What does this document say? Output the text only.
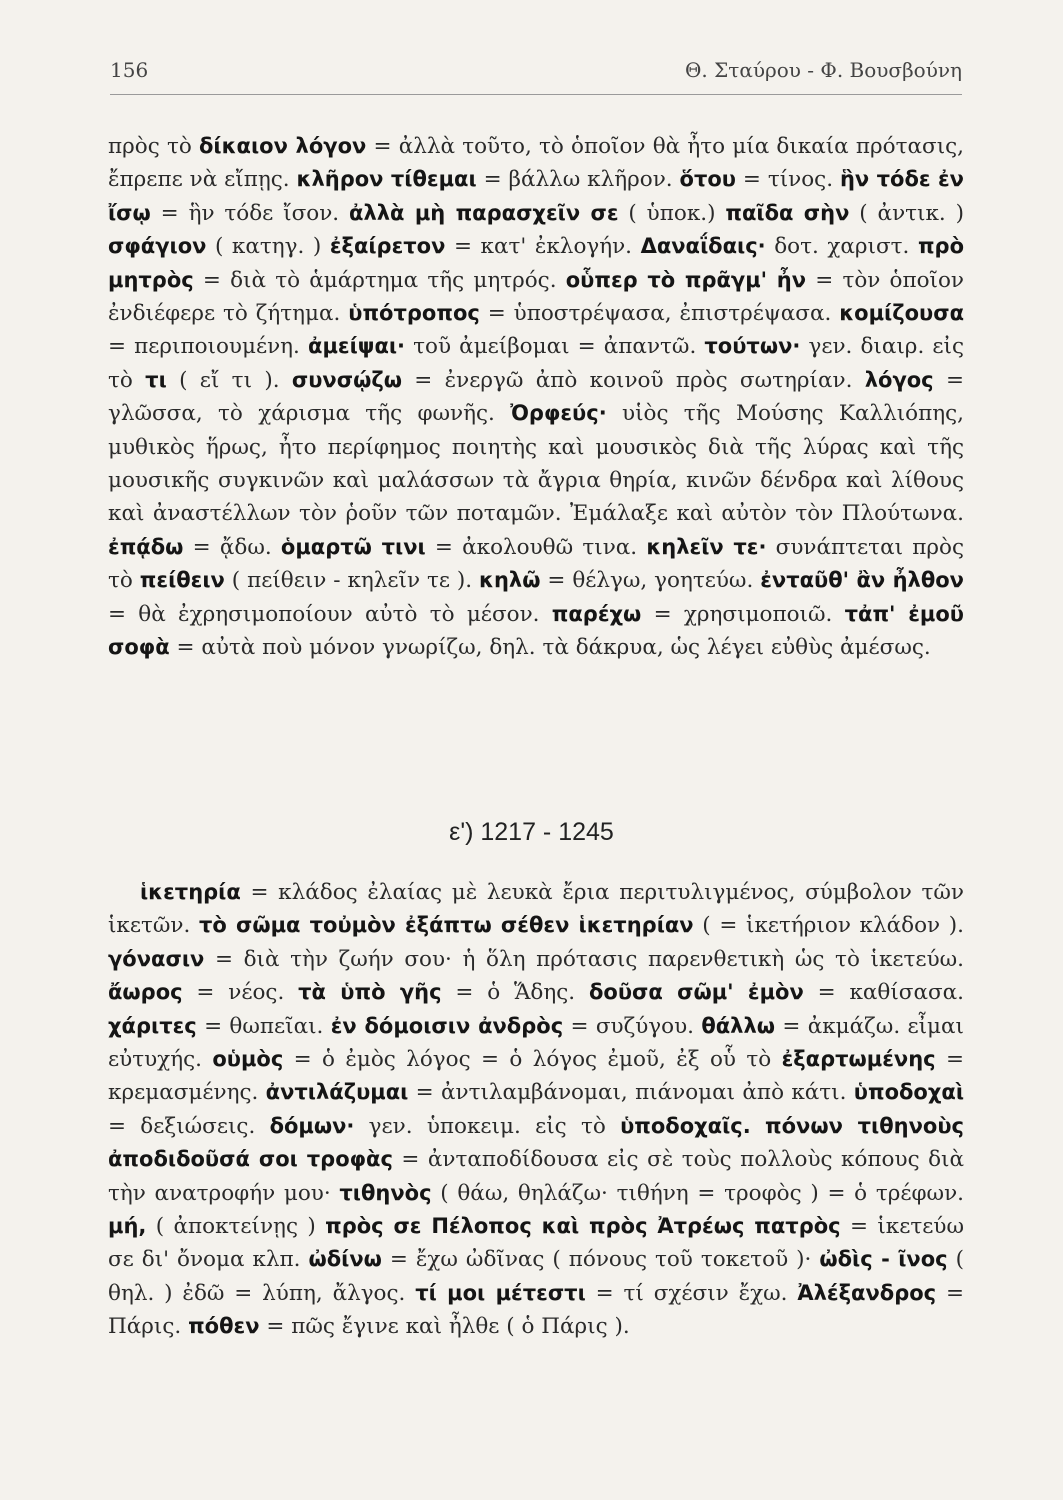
156	Θ. Σταύρου - Φ. Βουσβούνη
πρὸς τὸ δίκαιον λόγον = ἀλλὰ τοῦτο, τὸ ὁποῖον θὰ ἦτο μία δικαία πρότασις, ἔπρεπε νὰ εἴπῃς. κλῆρον τίθεμαι = βάλλω κλῆρον. ὅτου = τίνος. ἣν τόδε ἐν ἴσῳ = ἣν τόδε ἴσον. ἀλλὰ μὴ παρασχεῖν σε ( ὑποκ.) παῖδα σὴν ( ἀντικ. ) σφάγιον ( κατηγ. ) ἐξαίρετον = κατ' ἐκλογήν. Δαναΐδαις· δοτ. χαριστ. πρὸ μητρὸς = διὰ τὸ ἁμάρτημα τῆς μητρός. οὗπερ τὸ πρᾶγμ' ἦν = τὸν ὁποῖον ἐνδιέφερε τὸ ζήτημα. ὑπότροπος = ὑποστρέψασα, ἐπιστρέψασα. κομίζουσα = περιποιουμένη. ἀμείψαι· τοῦ ἀμείβομαι = ἀπαντῶ. τούτων· γεν. διαιρ. εἰς τὸ τι ( εἴ τι ). συνσῴζω = ἐνεργῶ ἀπὸ κοινοῦ πρὸς σωτηρίαν. λόγος = γλῶσσα, τὸ χάρισμα τῆς φωνῆς. Ὀρφεύς· υἱὸς τῆς Μούσης Καλλιόπης, μυθικὸς ἥρως, ἦτο περίφημος ποιητὴς καὶ μουσικὸς διὰ τῆς λύρας καὶ τῆς μουσικῆς συγκινῶν καὶ μαλάσσων τὰ ἄγρια θηρία, κινῶν δένδρα καὶ λίθους καὶ ἀναστέλλων τὸν ῥοῦν τῶν ποταμῶν. Ἐμάλαξε καὶ αὐτὸν τὸν Πλούτωνα. ἐπᾴδω = ᾄδω. ὁμαρτῶ τινι = ἀκολουθῶ τινα. κηλεῖν τε· συνάπτεται πρὸς τὸ πείθειν ( πείθειν - κηλεῖν τε ). κηλῶ = θέλγω, γοητεύω. ἐνταῦθ' ἂν ἦλθον = θὰ ἐχρησιμοποίουν αὐτὸ τὸ μέσον. παρέχω = χρησιμοποιῶ. τἀπ' ἐμοῦ σοφὰ = αὐτὰ ποὺ μόνον γνωρίζω, δηλ. τὰ δάκρυα, ὡς λέγει εὐθὺς ἀμέσως.
ε') 1217 - 1245
ἱκετηρία = κλάδος ἐλαίας μὲ λευκὰ ἔρια περιτυλιγμένος, σύμβολον τῶν ἱκετῶν. τὸ σῶμα τοὐμὸν ἐξάπτω σέθεν ἱκετηρίαν ( = ἱκετήριον κλάδον ). γόνασιν = διὰ τὴν ζωήν σου· ἡ ὅλη πρότασις παρενθετικὴ ὡς τὸ ἱκετεύω. ἄωρος = νέος. τὰ ὑπὸ γῆς = ὁ Ἅδης. δοῦσα σῶμ' ἐμὸν = καθίσασα. χάριτες = θωπεῖαι. ἐν δόμοισιν ἀνδρὸς = συζύγου. θάλλω = ἀκμάζω. εἶμαι εὐτυχής. οὑμὸς = ὁ ἐμὸς λόγος = ὁ λόγος ἐμοῦ, ἐξ οὗ τὸ ἐξαρτωμένης = κρεμασμένης. ἀντιλάζυμαι = ἀντιλαμβάνομαι, πιάνομαι ἀπὸ κάτι. ὑποδοχαὶ = δεξιώσεις. δόμων· γεν. ὑποκειμ. εἰς τὸ ὑποδοχαῖς. πόνων τιθηνοὺς ἀποδιδοῦσά σοι τροφὰς = ἀνταποδίδουσα εἰς σὲ τοὺς πολλοὺς κόπους διὰ τὴν ανατροφήν μου· τιθηνὸς ( θάω, θηλάζω· τιθήνη = τροφὸς ) = ὁ τρέφων. μή, ( ἀποκτείνῃς ) πρὸς σε Πέλοπος καὶ πρὸς Ἀτρέως πατρὸς = ἱκετεύω σε δι' ὄνομα κλπ. ὠδίνω = ἔχω ὠδῖνας ( πόνους τοῦ τοκετοῦ )· ὠδὶς - ῖνος ( θηλ. ) ἐδῶ = λύπη, ἄλγος. τί μοι μέτεστι = τί σχέσιν ἔχω. Ἀλέξανδρος = Πάρις. πόθεν = πῶς ἔγινε καὶ ἦλθε ( ὁ Πάρις ).
